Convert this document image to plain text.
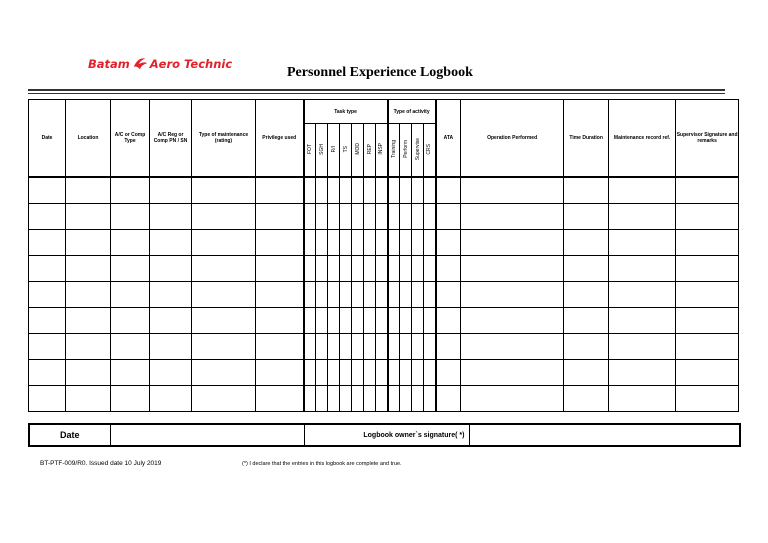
Batam Aero Technic
Personnel Experience Logbook
Date	Location	A/C or Comp Type	A/C Reg or Comp PN / SN	Type of maintenance (rating)	Privilege used	Task type							Type of activity				ATA	Operation Performed	Time Duration	Maintenance record ref.	Supervisor Signature and remarks
						FOT	SGH	R/I	TS	MOD	REP	INSP	Training	Perform	Supervise	CRS					

Date		Logbook owner`s signature( *)	
BT-PTF-009/R0. Issued date 10 July 2019	(*) I declare that the entries in this logbook are complete and true.
